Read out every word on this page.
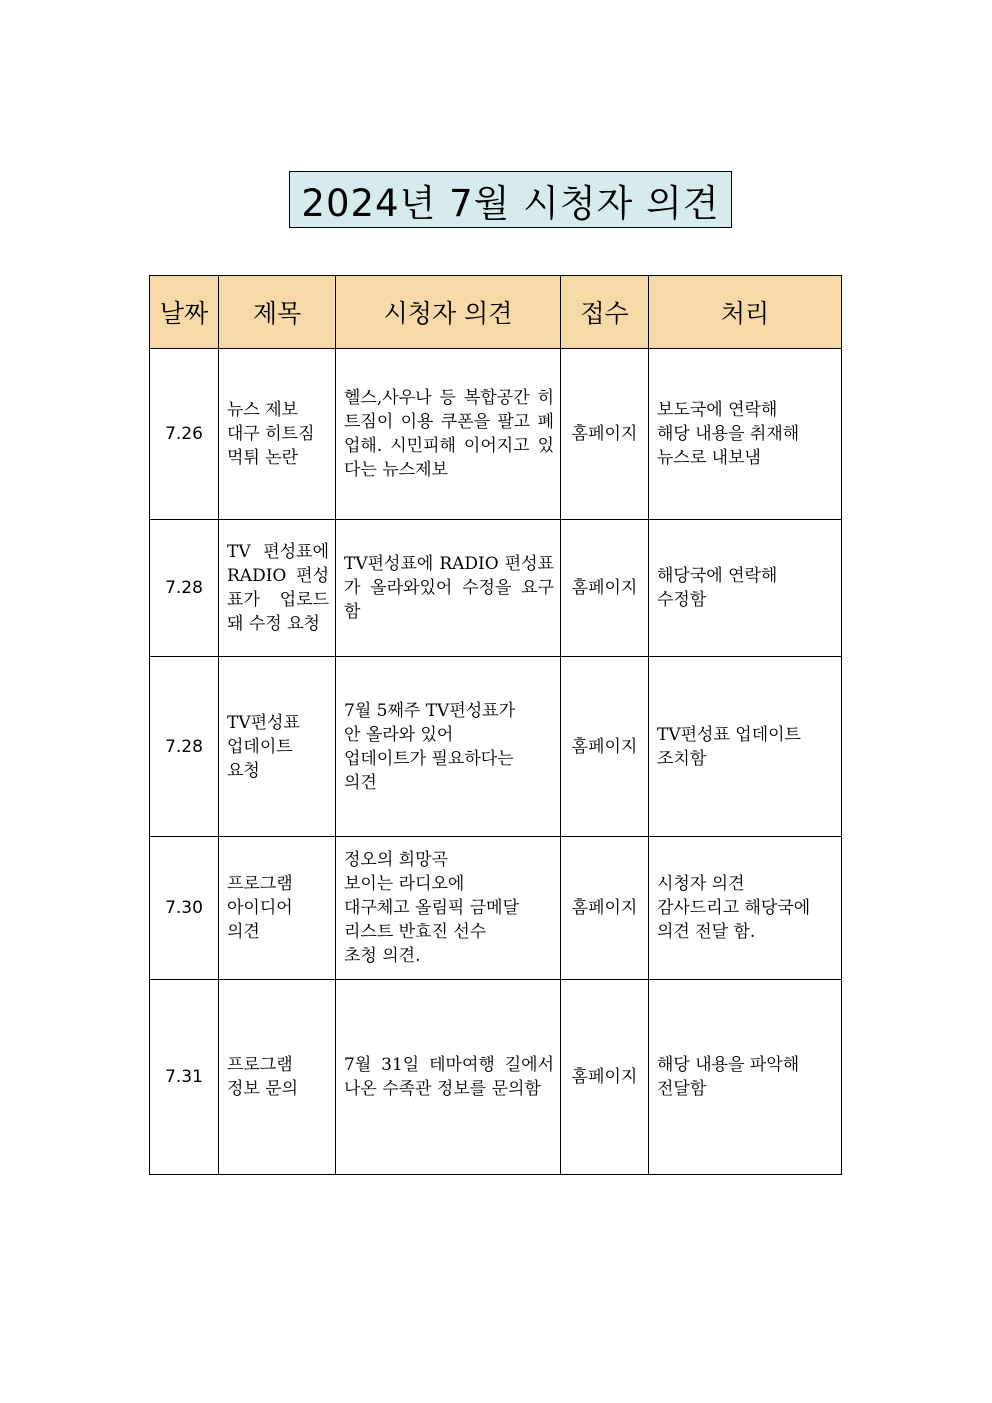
2024년 7월 시청자 의견
날짜	제목	시청자 의견	접수	처리
7.26	뉴스 제보
대구 히트짐
먹튀 논란	헬스,사우나 등 복합공간 히트짐이 이용 쿠폰을 팔고 폐업해. 시민피해 이어지고 있다는 뉴스제보	홈페이지	보도국에 연락해
해당 내용을 취재해
뉴스로 내보냄

7.28	TV 편성표에 RADIO 편성표가 업로드 돼 수정 요청	TV편성표에 RADIO 편성표가 올라와있어 수정을 요구함	홈페이지	해당국에 연락해
수정함

7.28	TV편성표
업데이트
요청	7월 5째주 TV편성표가
안 올라와 있어
업데이트가 필요하다는
의견	홈페이지	TV편성표 업데이트
조치함

7.30	프로그램
아이디어
의견	정오의 희망곡
보이는 라디오에
대구체고 올림픽 금메달
리스트 반효진 선수
초청 의견.	홈페이지	시청자 의견
감사드리고 해당국에
의견 전달 함.

7.31	프로그램
정보 문의	7월 31일 테마여행 길에서 나온 수족관 정보를 문의함	홈페이지	해당 내용을 파악해
전달함
